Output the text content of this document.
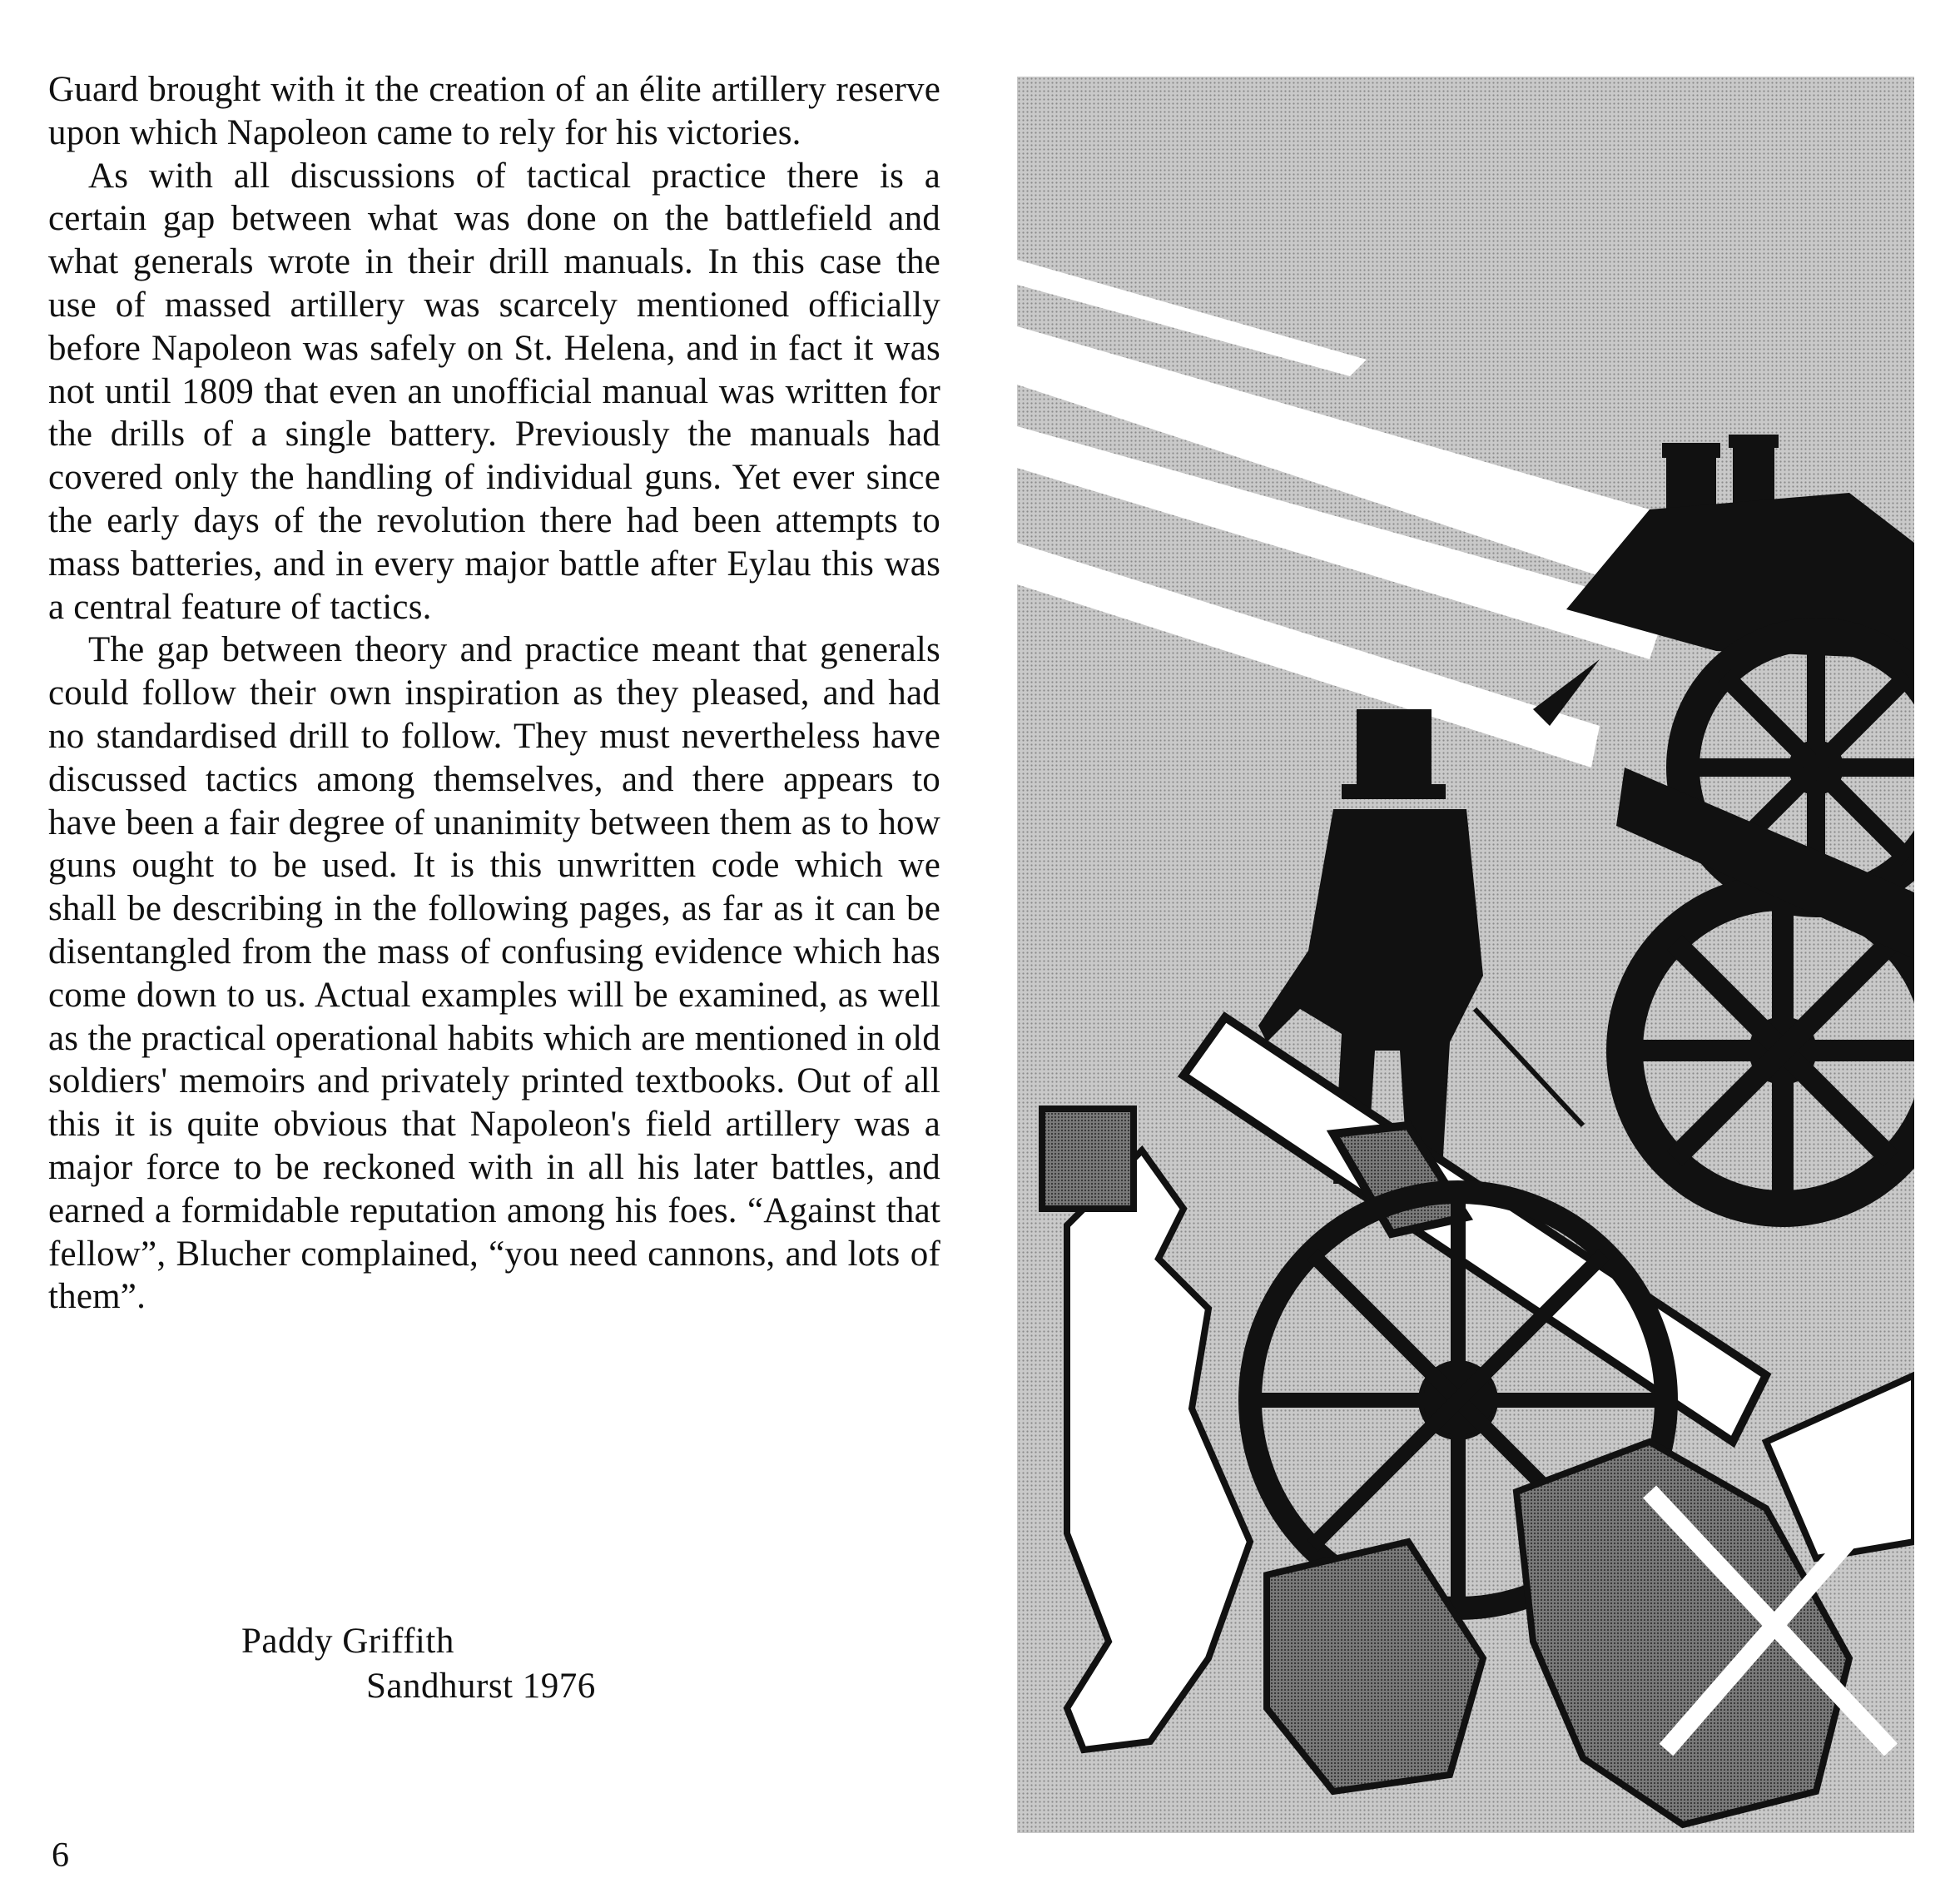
Guard brought with it the creation of an élite artillery reserve upon which Napoleon came to rely for his victories.

As with all discussions of tactical practice there is a certain gap between what was done on the battlefield and what generals wrote in their drill manuals. In this case the use of massed artillery was scarcely mentioned officially before Napoleon was safely on St. Helena, and in fact it was not until 1809 that even an unofficial manual was written for the drills of a single battery. Previously the manuals had covered only the handling of individual guns. Yet ever since the early days of the revolution there had been attempts to mass batteries, and in every major battle after Eylau this was a central feature of tactics.

The gap between theory and practice meant that generals could follow their own inspiration as they pleased, and had no standardised drill to follow. They must nevertheless have discussed tactics among themselves, and there appears to have been a fair degree of unanimity between them as to how guns ought to be used. It is this unwritten code which we shall be describing in the following pages, as far as it can be disentangled from the mass of confusing evidence which has come down to us. Actual examples will be examined, as well as the practical operational habits which are mentioned in old soldiers' memoirs and privately printed textbooks. Out of all this it is quite obvious that Napoleon's field artillery was a major force to be reckoned with in all his later battles, and earned a formidable reputation among his foes. “Against that fellow”, Blucher complained, “you need cannons, and lots of them”.

Paddy Griffith
Sandhurst 1976
6
